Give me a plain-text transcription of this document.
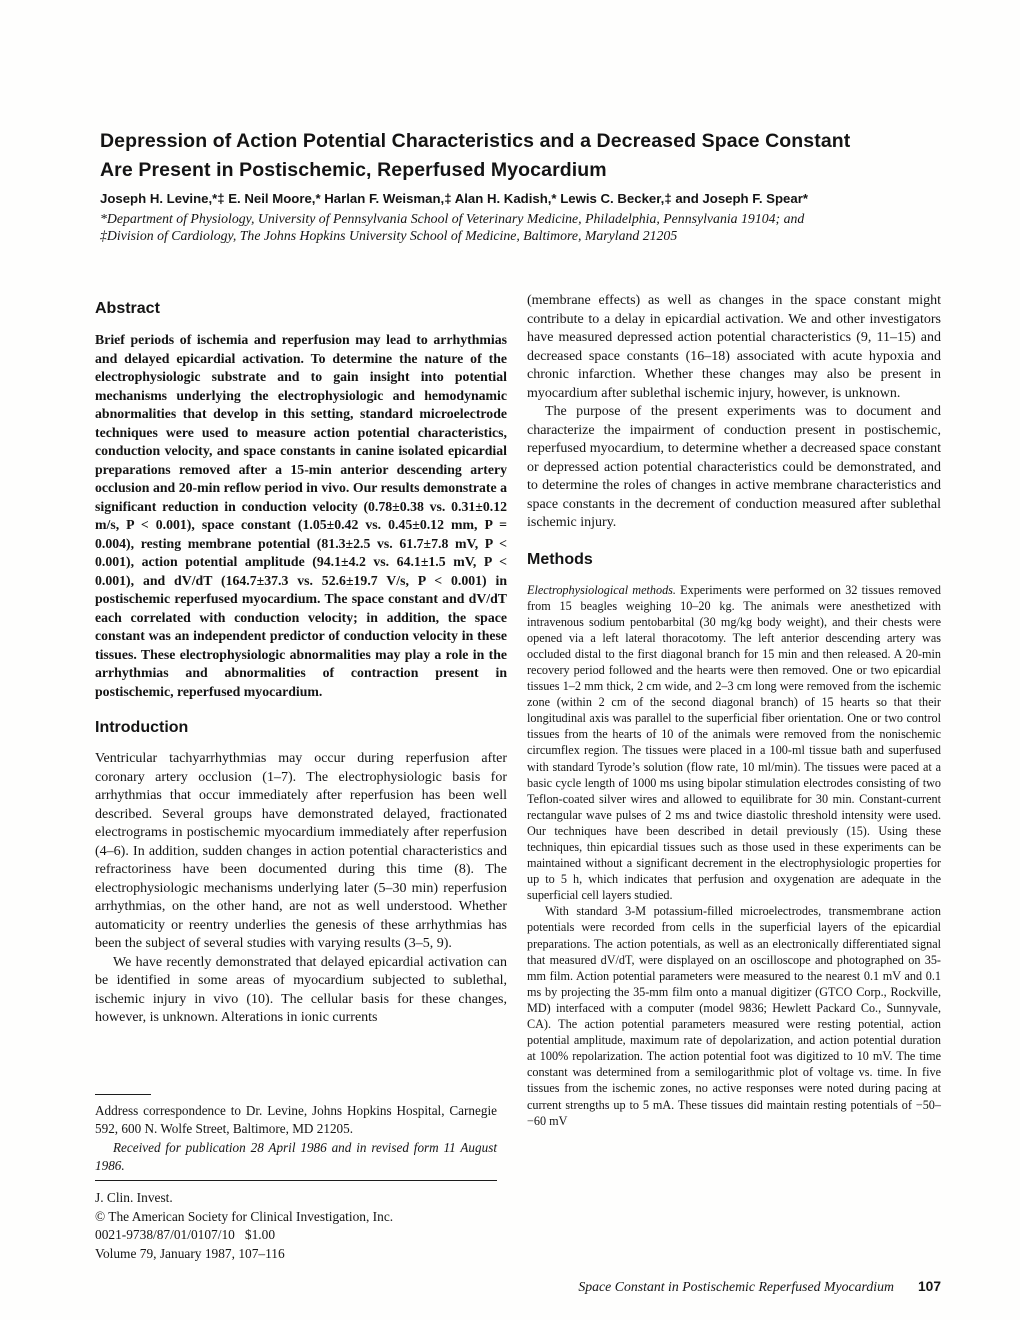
Depression of Action Potential Characteristics and a Decreased Space Constant Are Present in Postischemic, Reperfused Myocardium
Joseph H. Levine,*‡ E. Neil Moore,* Harlan F. Weisman,‡ Alan H. Kadish,* Lewis C. Becker,‡ and Joseph F. Spear*
*Department of Physiology, University of Pennsylvania School of Veterinary Medicine, Philadelphia, Pennsylvania 19104; and
‡Division of Cardiology, The Johns Hopkins University School of Medicine, Baltimore, Maryland 21205
Abstract

Brief periods of ischemia and reperfusion may lead to arrhythmias and delayed epicardial activation. To determine the nature of the electrophysiologic substrate and to gain insight into potential mechanisms underlying the electrophysiologic and hemodynamic abnormalities that develop in this setting, standard microelectrode techniques were used to measure action potential characteristics, conduction velocity, and space constants in canine isolated epicardial preparations removed after a 15-min anterior descending artery occlusion and 20-min reflow period in vivo. Our results demonstrate a significant reduction in conduction velocity (0.78±0.38 vs. 0.31±0.12 m/s, P < 0.001), space constant (1.05±0.42 vs. 0.45±0.12 mm, P = 0.004), resting membrane potential (81.3±2.5 vs. 61.7±7.8 mV, P < 0.001), action potential amplitude (94.1±4.2 vs. 64.1±1.5 mV, P < 0.001), and dV/dT (164.7±37.3 vs. 52.6±19.7 V/s, P < 0.001) in postischemic reperfused myocardium. The space constant and dV/dT each correlated with conduction velocity; in addition, the space constant was an independent predictor of conduction velocity in these tissues. These electrophysiologic abnormalities may play a role in the arrhythmias and abnormalities of contraction present in postischemic, reperfused myocardium.

Introduction

Ventricular tachyarrhythmias may occur during reperfusion after coronary artery occlusion (1–7). The electrophysiologic basis for arrhythmias that occur immediately after reperfusion has been well described. Several groups have demonstrated delayed, fractionated electrograms in postischemic myocardium immediately after reperfusion (4–6). In addition, sudden changes in action potential characteristics and refractoriness have been documented during this time (8). The electrophysiologic mechanisms underlying later (5–30 min) reperfusion arrhythmias, on the other hand, are not as well understood. Whether automaticity or reentry underlies the genesis of these arrhythmias has been the subject of several studies with varying results (3–5, 9).

We have recently demonstrated that delayed epicardial activation can be identified in some areas of myocardium subjected to sublethal, ischemic injury in vivo (10). The cellular basis for these changes, however, is unknown. Alterations in ionic currents

Address correspondence to Dr. Levine, Johns Hopkins Hospital, Carnegie 592, 600 N. Wolfe Street, Baltimore, MD 21205.
Received for publication 28 April 1986 and in revised form 11 August 1986.
J. Clin. Invest.
© The American Society for Clinical Investigation, Inc.
0021-9738/87/01/0107/10   $1.00
Volume 79, January 1987, 107–116

(membrane effects) as well as changes in the space constant might contribute to a delay in epicardial activation. We and other investigators have measured depressed action potential characteristics (9, 11–15) and decreased space constants (16–18) associated with acute hypoxia and chronic infarction. Whether these changes may also be present in myocardium after sublethal ischemic injury, however, is unknown.

The purpose of the present experiments was to document and characterize the impairment of conduction present in postischemic, reperfused myocardium, to determine whether a decreased space constant or depressed action potential characteristics could be demonstrated, and to determine the roles of changes in active membrane characteristics and space constants in the decrement of conduction measured after sublethal ischemic injury.

Methods

Electrophysiological methods. Experiments were performed on 32 tissues removed from 15 beagles weighing 10–20 kg. The animals were anesthetized with intravenous sodium pentobarbital (30 mg/kg body weight), and their chests were opened via a left lateral thoracotomy. The left anterior descending artery was occluded distal to the first diagonal branch for 15 min and then released. A 20-min recovery period followed and the hearts were then removed. One or two epicardial tissues 1–2 mm thick, 2 cm wide, and 2–3 cm long were removed from the ischemic zone (within 2 cm of the second diagonal branch) of 15 hearts so that their longitudinal axis was parallel to the superficial fiber orientation. One or two control tissues from the hearts of 10 of the animals were removed from the nonischemic circumflex region. The tissues were placed in a 100-ml tissue bath and superfused with standard Tyrode’s solution (flow rate, 10 ml/min). The tissues were paced at a basic cycle length of 1000 ms using bipolar stimulation electrodes consisting of two Teflon-coated silver wires and allowed to equilibrate for 30 min. Constant-current rectangular wave pulses of 2 ms and twice diastolic threshold intensity were used. Our techniques have been described in detail previously (15). Using these techniques, thin epicardial tissues such as those used in these experiments can be maintained without a significant decrement in the electrophysiologic properties for up to 5 h, which indicates that perfusion and oxygenation are adequate in the superficial cell layers studied.

With standard 3-M potassium-filled microelectrodes, transmembrane action potentials were recorded from cells in the superficial layers of the epicardial preparations. The action potentials, as well as an electronically differentiated signal that measured dV/dT, were displayed on an oscilloscope and photographed on 35-mm film. Action potential parameters were measured to the nearest 0.1 mV and 0.1 ms by projecting the 35-mm film onto a manual digitizer (GTCO Corp., Rockville, MD) interfaced with a computer (model 9836; Hewlett Packard Co., Sunnyvale, CA). The action potential parameters measured were resting potential, action potential amplitude, maximum rate of depolarization, and action potential duration at 100% repolarization. The action potential foot was digitized to 10 mV. The time constant was determined from a semilogarithmic plot of voltage vs. time. In five tissues from the ischemic zones, no active responses were noted during pacing at current strengths up to 5 mA. These tissues did maintain resting potentials of −50–−60 mV

Space Constant in Postischemic Reperfused Myocardium 107
